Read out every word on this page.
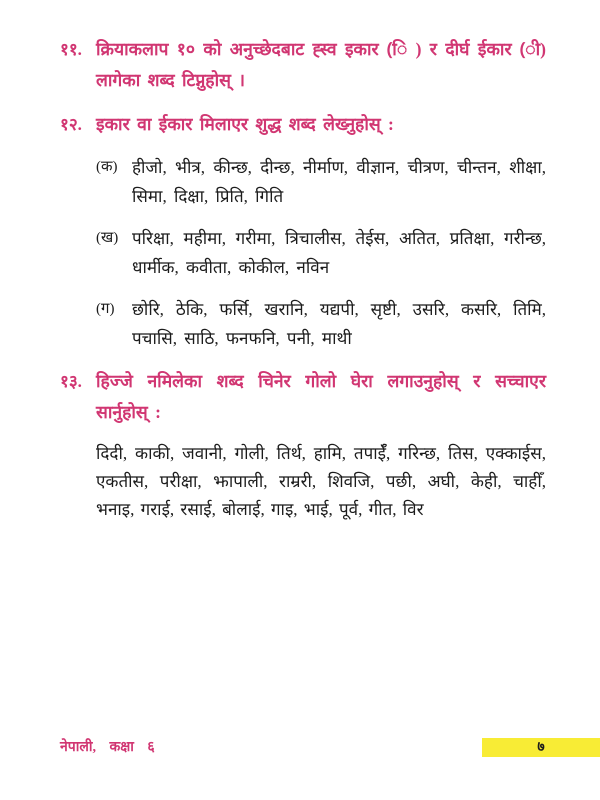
११. क्रियाकलाप १० को अनुच्छेदबाट ह्स्व इकार (ि ) र दीर्घ ईकार (ी) लागेका शब्द टिप्नुहोस् ।

१२. इकार वा ईकार मिलाएर शुद्ध शब्द लेख्नुहोस् :

(क) हीजो, भीत्र, कीन्छ, दीन्छ, नीर्माण, वीज्ञान, चीत्रण, चीन्तन, शीक्षा, सिमा, दिक्षा, प्रिति, गिति

(ख) परिक्षा, महीमा, गरीमा, त्रिचालीस, तेईस, अतित, प्रतिक्षा, गरीन्छ, धार्मीक, कवीता, कोकील, नविन

(ग)	छोरि, ठेकि, फर्सि, खरानि, यद्यपी, सृष्टी, उसरि, कसरि, तिमि, पचासि, साठि, फनफनि, पनी, माथी

१३. हिज्जे नमिलेका शब्द चिनेर गोलो घेरा लगाउनुहोस् र सच्चाएर सार्नुहोस् :

दिदी, काकी, जवानी, गोली, तिर्थ, हामि, तपाईँ, गरिन्छ, तिस, एक्काईस, एकतीस, परीक्षा, झापाली, राम्ररी, शिवजि, पछी, अघी, केही, चाहीँ, भनाइ, गराई, रसाई, बोलाई, गाइ, भाई, पूर्व, गीत, विर

नेपाली, कक्षा ६	७
